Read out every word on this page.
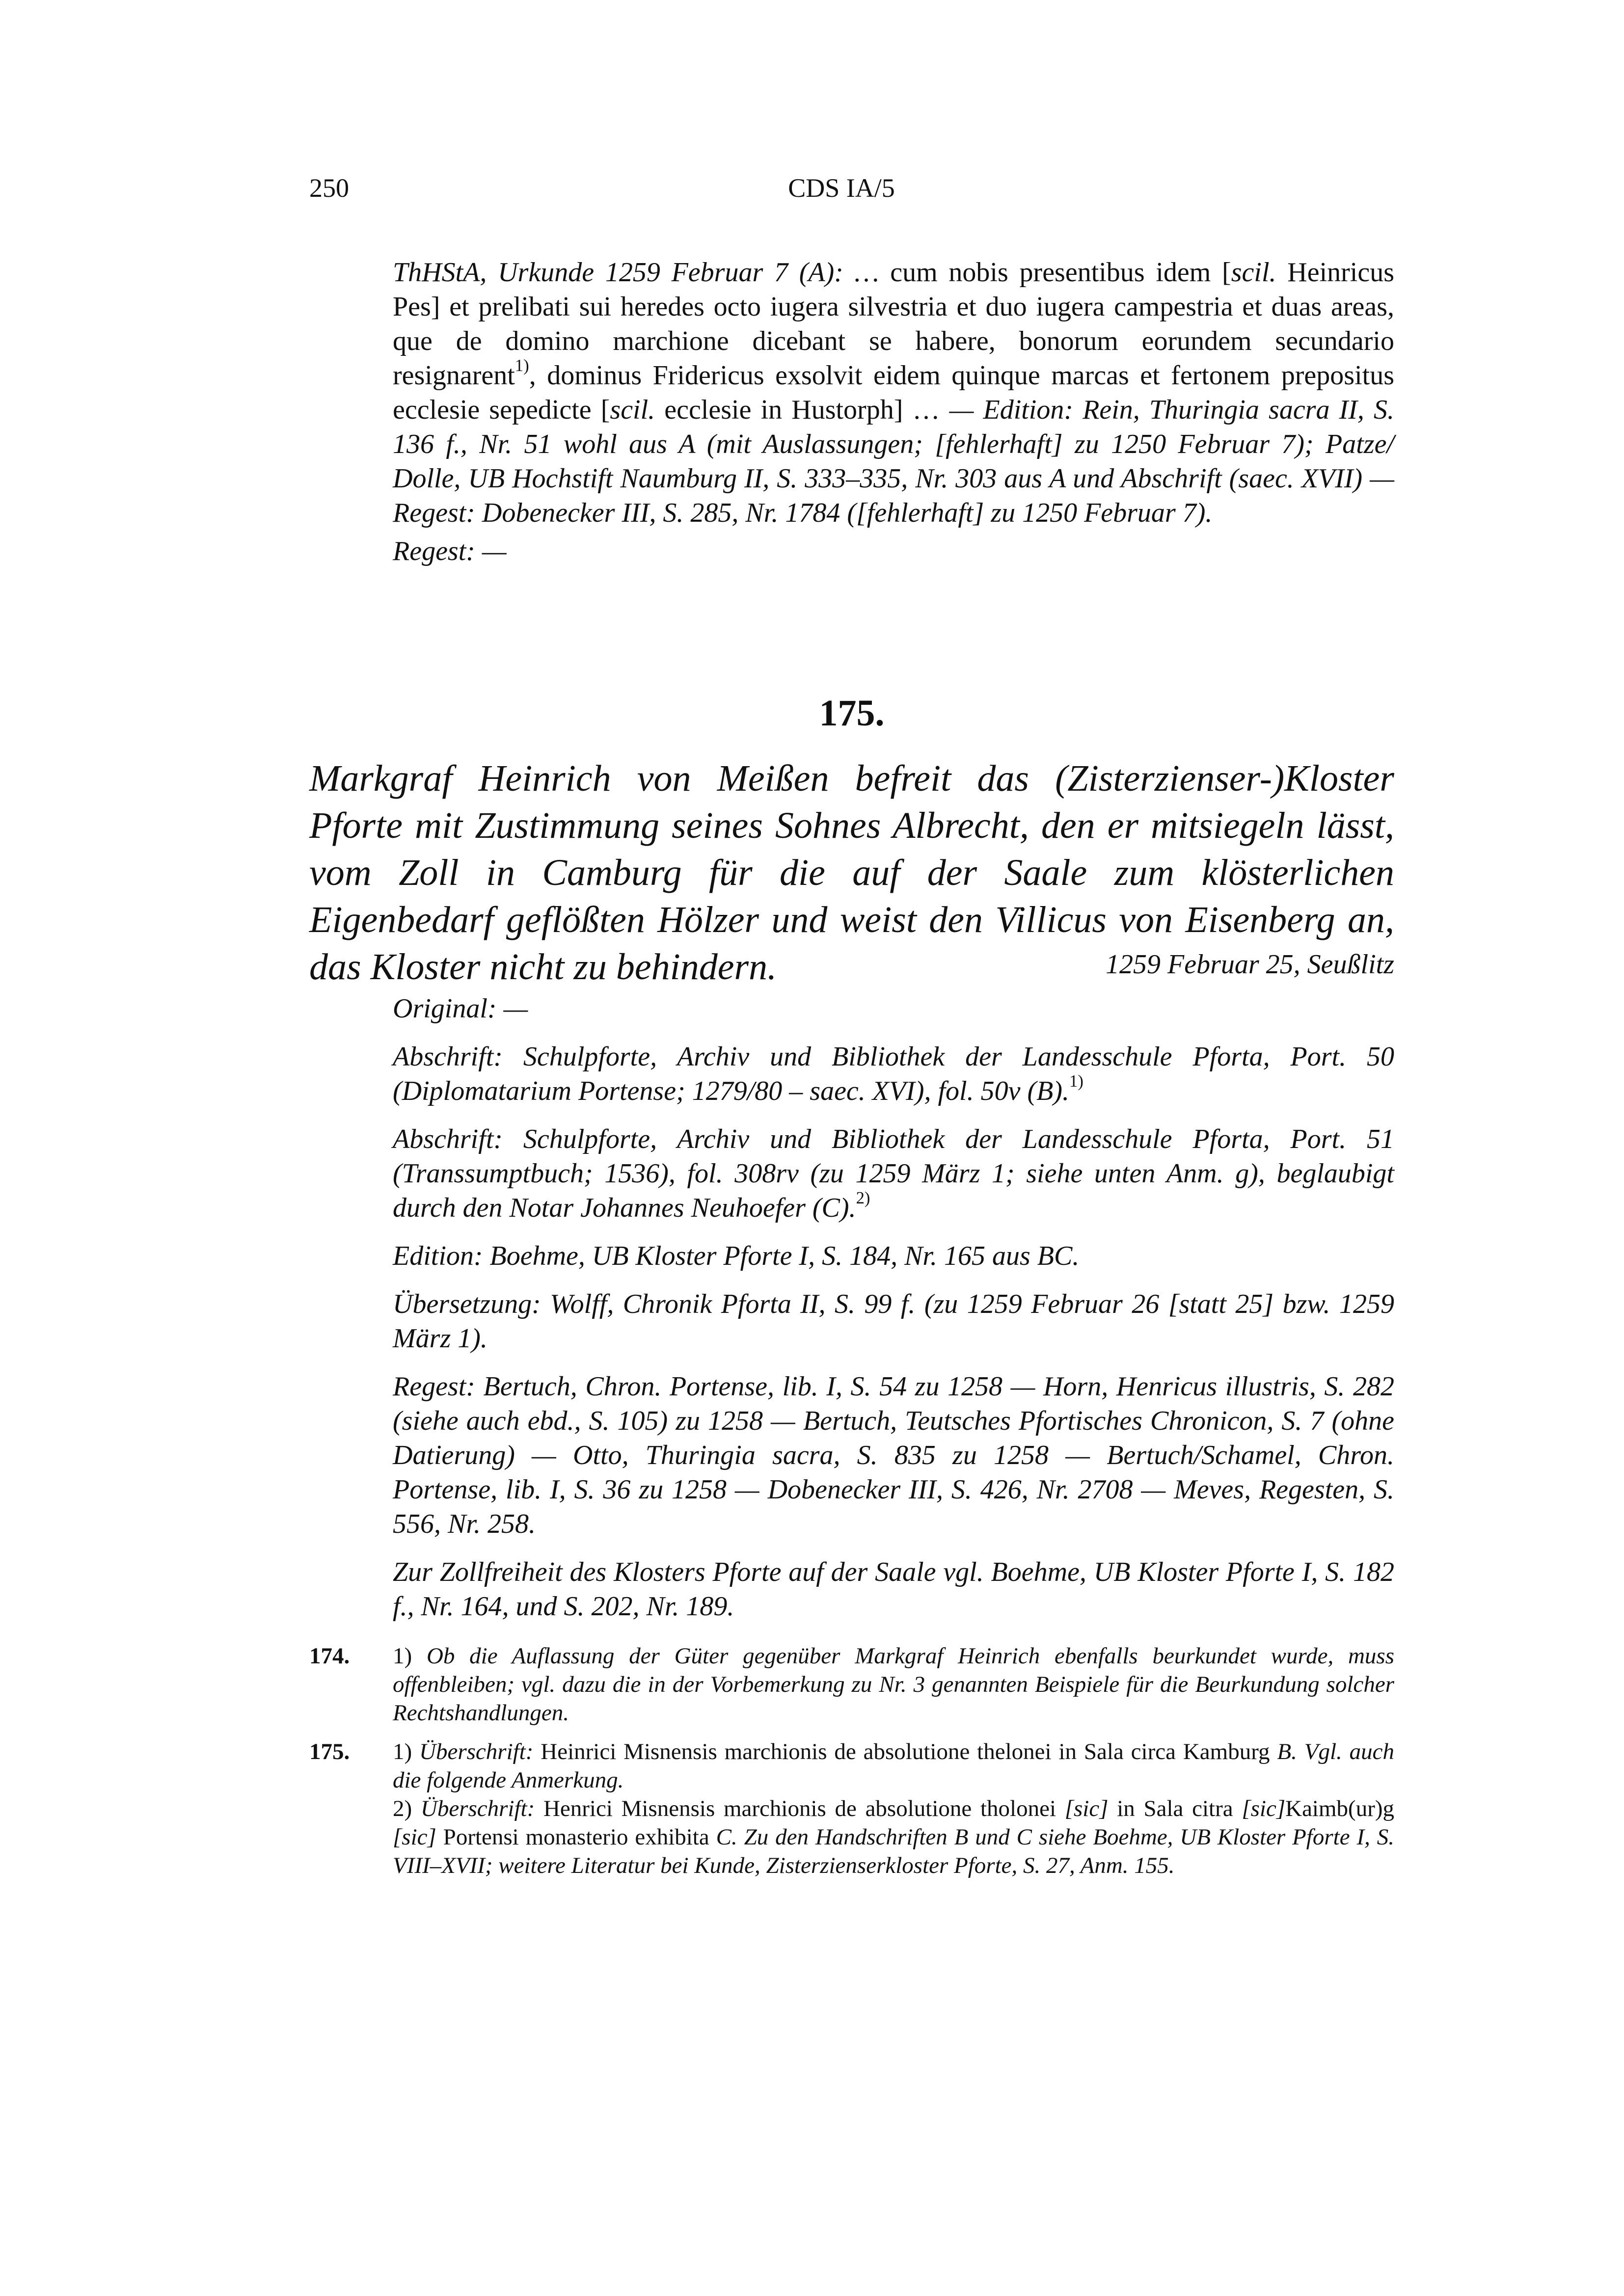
250	CDS IA/5

ThHStA, Urkunde 1259 Februar 7 (A): … cum nobis presentibus idem [scil. Heinricus Pes] et prelibati sui heredes octo iugera silvestria et duo iugera campestria et duas areas, que de domino marchione dicebant se habere, bonorum eorundem secundario resignarent$^{1)}$, dominus Fridericus exsolvit eidem quinque marcas et fertonem prepositus ecclesie sepedicte [scil. ecclesie in Hustorph] … — Edition: Rein, Thuringia sacra II, S. 136 f., Nr. 51 wohl aus A (mit Auslassungen; [fehlerhaft] zu 1250 Februar 7); Patze/ Dolle, UB Hochstift Naumburg II, S. 333–335, Nr. 303 aus A und Abschrift (saec. XVII) — Regest: Dobenecker III, S. 285, Nr. 1784 ([fehlerhaft] zu 1250 Februar 7).

Regest: —

175.
Markgraf Heinrich von Meißen befreit das (Zisterzienser-)Kloster Pforte mit Zustimmung seines Sohnes Albrecht, den er mitsiegeln lässt, vom Zoll in Camburg für die auf der Saale zum klösterlichen Eigenbedarf geflößten Hölzer und weist den Villicus von Eisenberg an, das Kloster nicht zu behindern.	1259 Februar 25, Seußlitz

Original: —

Abschrift: Schulpforte, Archiv und Bibliothek der Landesschule Pforta, Port. 50 (Diplomatarium Portense; 1279/80 – saec. XVI), fol. 50v (B).$^{1)}$

Abschrift: Schulpforte, Archiv und Bibliothek der Landesschule Pforta, Port. 51 (Transsumptbuch; 1536), fol. 308rv (zu 1259 März 1; siehe unten Anm. g), beglaubigt durch den Notar Johannes Neuhoefer (C).$^{2)}$

Edition: Boehme, UB Kloster Pforte I, S. 184, Nr. 165 aus BC.

Übersetzung: Wolff, Chronik Pforta II, S. 99 f. (zu 1259 Februar 26 [statt 25] bzw. 1259 März 1).

Regest: Bertuch, Chron. Portense, lib. I, S. 54 zu 1258 — Horn, Henricus illustris, S. 282 (siehe auch ebd., S. 105) zu 1258 — Bertuch, Teutsches Pfortisches Chronicon, S. 7 (ohne Datierung) — Otto, Thuringia sacra, S. 835 zu 1258 — Bertuch/Schamel, Chron. Portense, lib. I, S. 36 zu 1258 — Dobenecker III, S. 426, Nr. 2708 — Meves, Regesten, S. 556, Nr. 258.

Zur Zollfreiheit des Klosters Pforte auf der Saale vgl. Boehme, UB Kloster Pforte I, S. 182 f., Nr. 164, und S. 202, Nr. 189.

174. 1) Ob die Auflassung der Güter gegenüber Markgraf Heinrich ebenfalls beurkundet wurde, muss offenbleiben; vgl. dazu die in der Vorbemerkung zu Nr. 3 genannten Beispiele für die Beurkundung solcher Rechtshandlungen.

175. 1) Überschrift: Heinrici Misnensis marchionis de absolutione thelonei in Sala circa Kamburg B. Vgl. auch die folgende Anmerkung.

2) Überschrift: Henrici Misnensis marchionis de absolutione tholonei [sic] in Sala citra [sic]Kaimb(ur)g [sic] Portensi monasterio exhibita C. Zu den Handschriften B und C siehe Boehme, UB Kloster Pforte I, S. VIII–XVII; weitere Literatur bei Kunde, Zisterzienserkloster Pforte, S. 27, Anm. 155.
